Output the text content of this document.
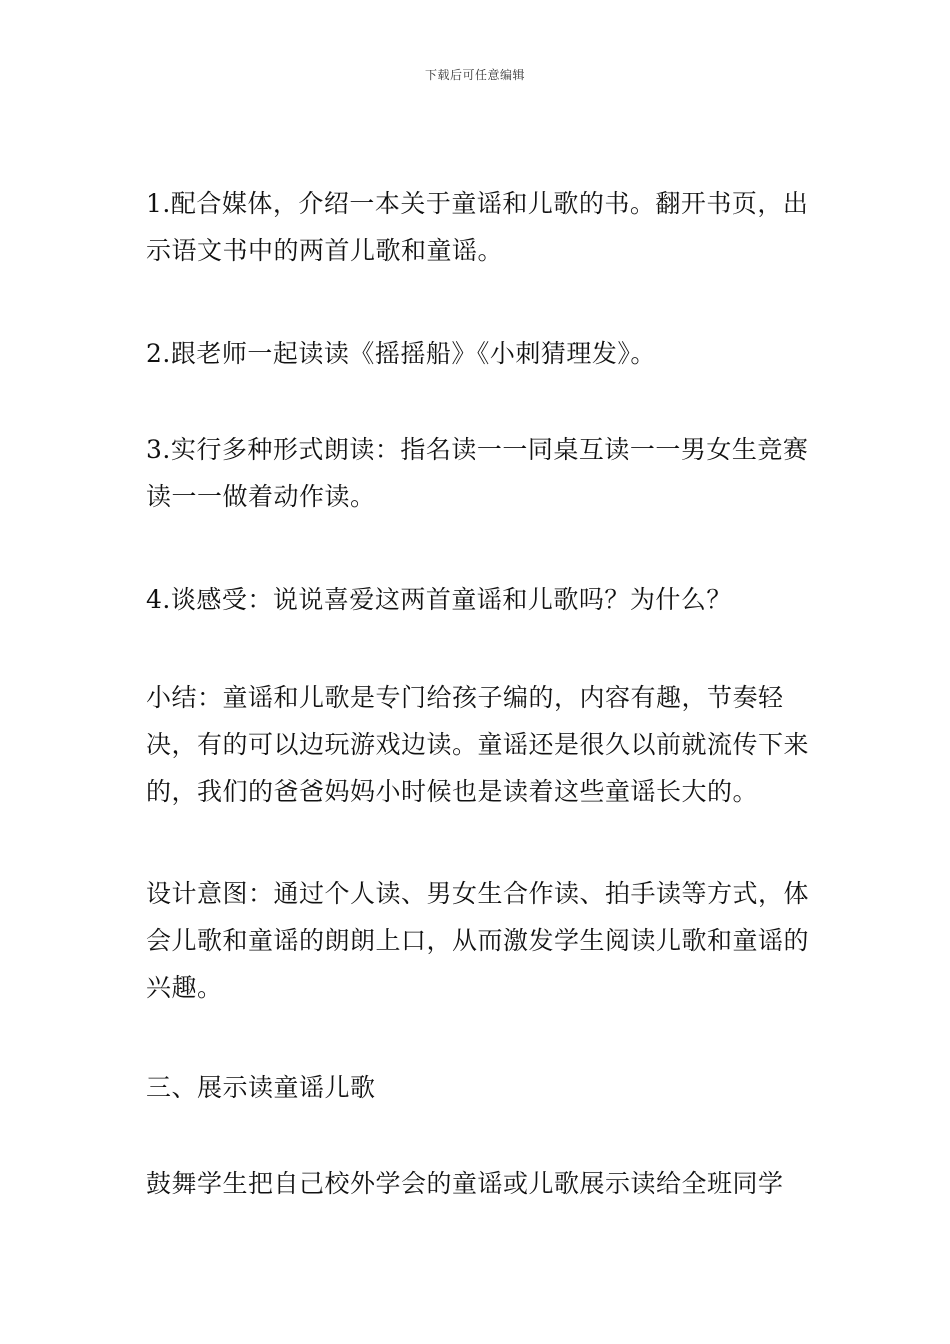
下载后可任意编辑

1.配合媒体，介绍一本关于童谣和儿歌的书。翻开书页，出示语文书中的两首儿歌和童谣。

2.跟老师一起读读《摇摇船》《小刺猜理发》。

3.实行多种形式朗读：指名读一一同桌互读一一男女生竞赛读一一做着动作读。

4.谈感受：说说喜爱这两首童谣和儿歌吗？为什么？

小结：童谣和儿歌是专门给孩子编的，内容有趣，节奏轻决，有的可以边玩游戏边读。童谣还是很久以前就流传下来的，我们的爸爸妈妈小时候也是读着这些童谣长大的。

设计意图：通过个人读、男女生合作读、拍手读等方式，体会儿歌和童谣的朗朗上口，从而激发学生阅读儿歌和童谣的兴趣。

三、展示读童谣儿歌

鼓舞学生把自己校外学会的童谣或儿歌展示读给全班同学
